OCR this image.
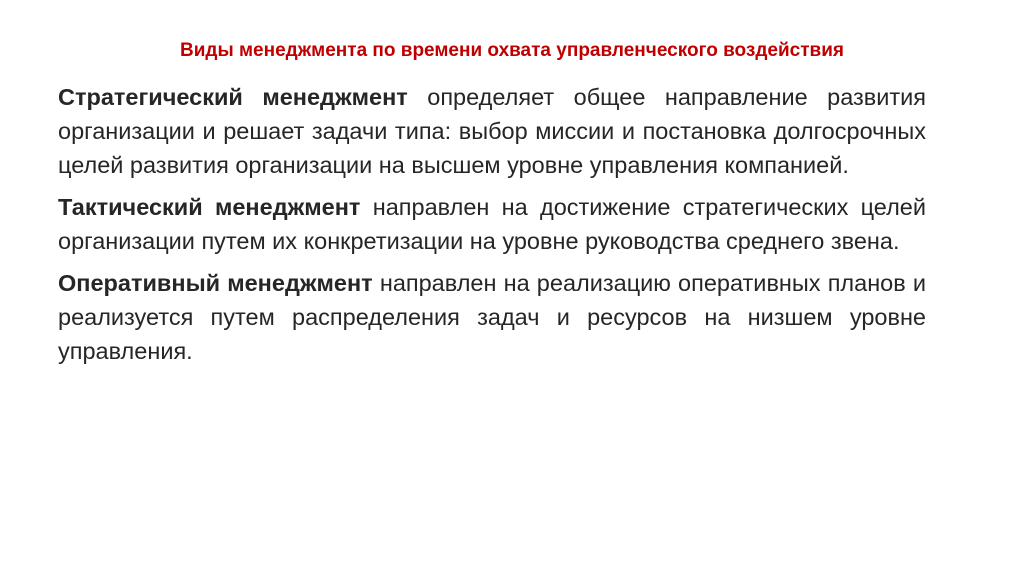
Виды менеджмента по времени охвата управленческого воздействия

Стратегический менеджмент определяет общее направление развития организации и решает задачи типа: выбор миссии и постановка долгосрочных целей развития организации на высшем уровне управления компанией.

Тактический менеджмент направлен на достижение стратегических целей организации путем их конкретизации на уровне руководства среднего звена.

Оперативный менеджмент направлен на реализацию оперативных планов и реализуется путем распределения задач и ресурсов на низшем уровне управления.
